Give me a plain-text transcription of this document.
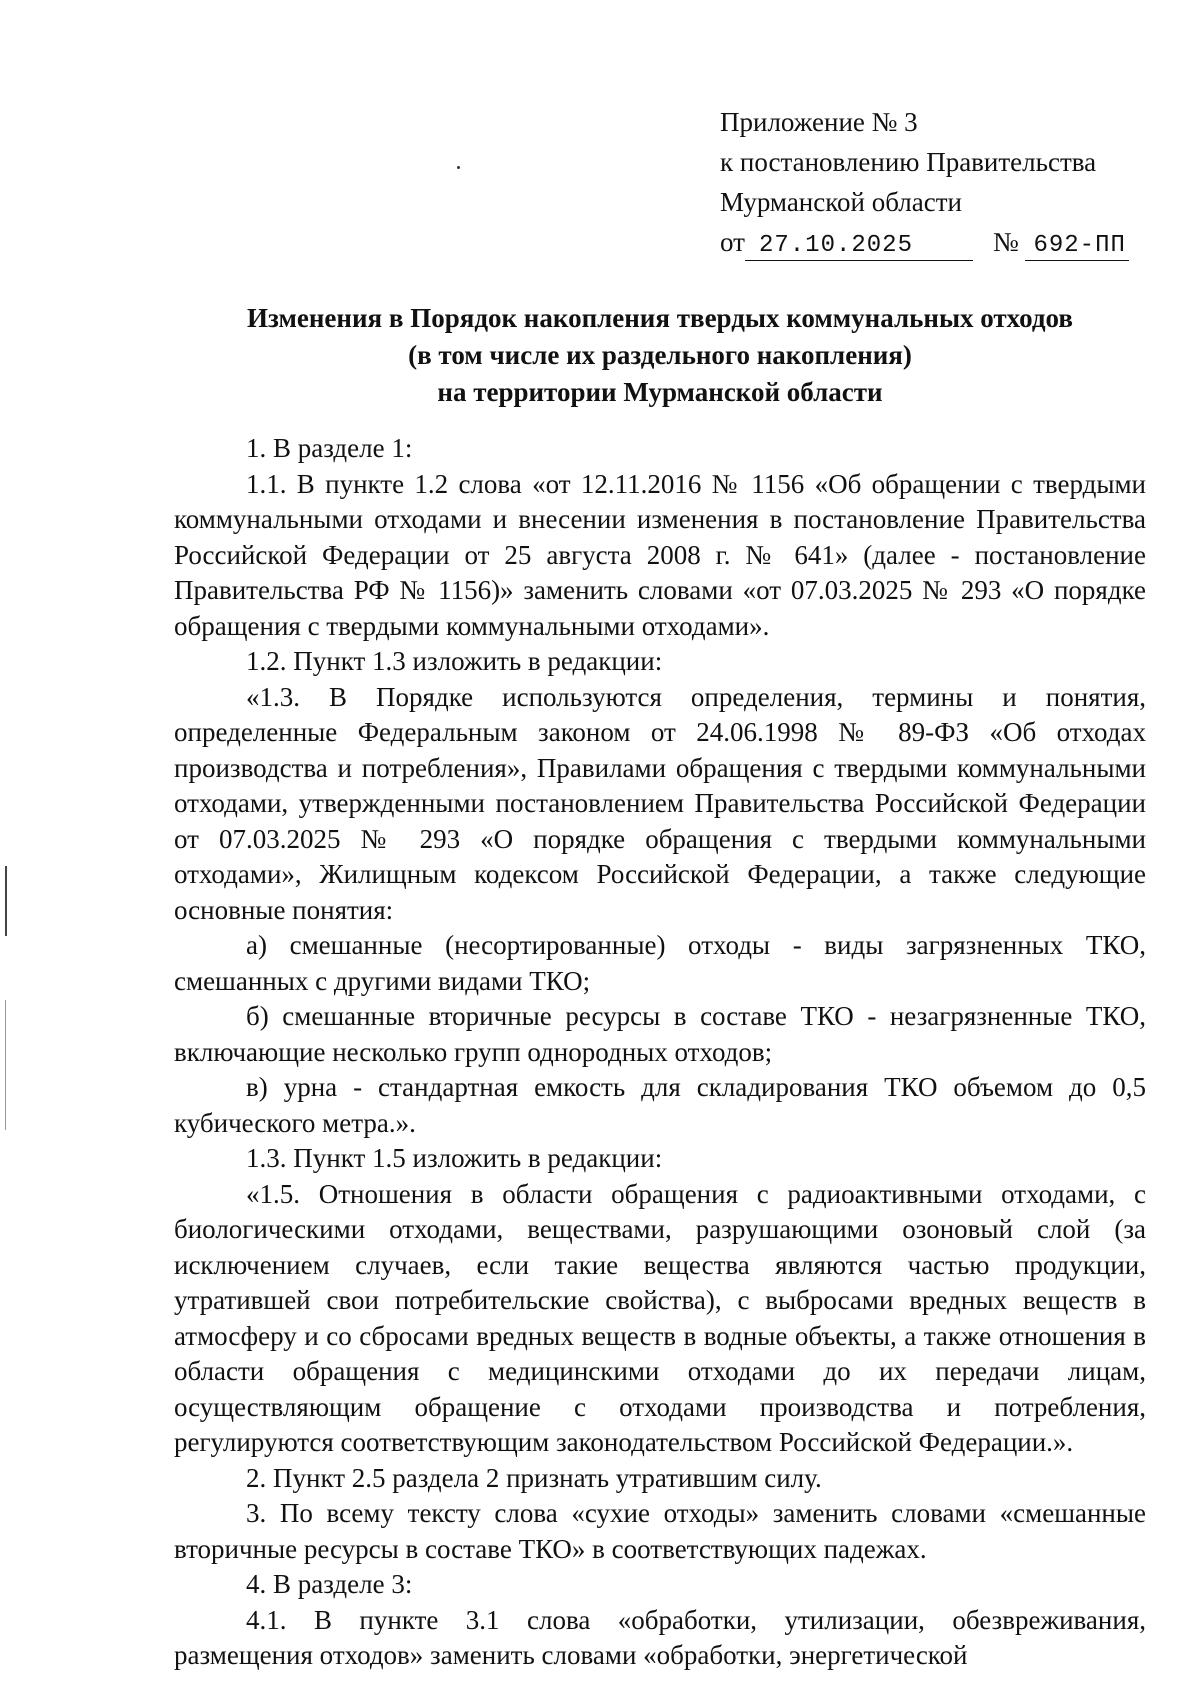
Приложение № 3
к постановлению Правительства
Мурманской области
от 27.10.2025	№ 692-ПП
Изменения в Порядок накопления твердых коммунальных отходов
(в том числе их раздельного накопления)
на территории Мурманской области

1. В разделе 1:

1.1. В пункте 1.2 слова «от 12.11.2016 № 1156 «Об обращении с твердыми коммунальными отходами и внесении изменения в постановление Правительства Российской Федерации от 25 августа 2008 г. № 641» (далее - постановление Правительства РФ № 1156)» заменить словами «от 07.03.2025 № 293 «О порядке обращения с твердыми коммунальными отходами».

1.2. Пункт 1.3 изложить в редакции:

«1.3. В Порядке используются определения, термины и понятия, определенные Федеральным законом от 24.06.1998 № 89-ФЗ «Об отходах производства и потребления», Правилами обращения с твердыми коммунальными отходами, утвержденными постановлением Правительства Российской Федерации от 07.03.2025 № 293 «О порядке обращения с твердыми коммунальными отходами», Жилищным кодексом Российской Федерации, а также следующие основные понятия:

а) смешанные (несортированные) отходы - виды загрязненных ТКО, смешанных с другими видами ТКО;

б) смешанные вторичные ресурсы в составе ТКО - незагрязненные ТКО, включающие несколько групп однородных отходов;

в) урна - стандартная емкость для складирования ТКО объемом до 0,5 кубического метра.».

1.3. Пункт 1.5 изложить в редакции:

«1.5. Отношения в области обращения с радиоактивными отходами, с биологическими отходами, веществами, разрушающими озоновый слой (за исключением случаев, если такие вещества являются частью продукции, утратившей свои потребительские свойства), с выбросами вредных веществ в атмосферу и со сбросами вредных веществ в водные объекты, а также отношения в области обращения с медицинскими отходами до их передачи лицам, осуществляющим обращение с отходами производства и потребления, регулируются соответствующим законодательством Российской Федерации.».

2. Пункт 2.5 раздела 2 признать утратившим силу.

3. По всему тексту слова «сухие отходы» заменить словами «смешанные вторичные ресурсы в составе ТКО» в соответствующих падежах.

4. В разделе 3:

4.1. В пункте 3.1 слова «обработки, утилизации, обезвреживания, размещения отходов» заменить словами «обработки, энергетической
